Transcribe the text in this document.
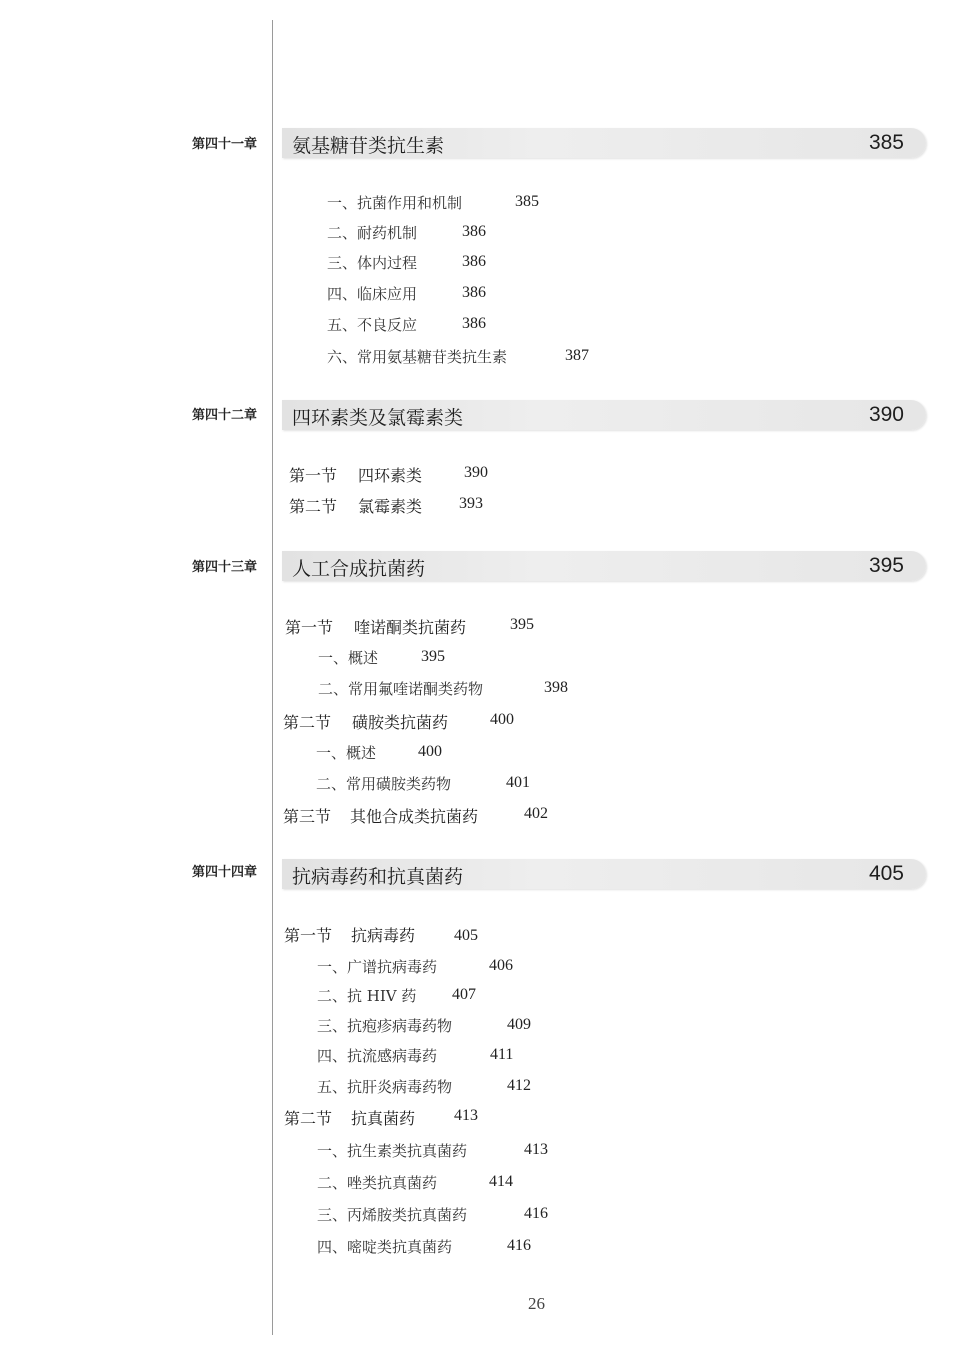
第四十一章	氨基糖苷类抗生素	385
一、抗菌作用和机制	385
二、耐药机制	386
三、体内过程	386
四、临床应用	386
五、不良反应	386
六、常用氨基糖苷类抗生素	387
第四十二章	四环素类及氯霉素类	390
第一节 四环素类	390
第二节 氯霉素类 393
第四十三章	人工合成抗菌药	395
第一节 喹诺酮类抗菌药	395
一、概述	395
二、常用氟喹诺酮类药物	398
第二节 磺胺类抗菌药	400
一、概述	400
二、常用磺胺类药物	401
第三节 其他合成类抗菌药	402
第四十四章	抗病毒药和抗真菌药	405
第一节 抗病毒药 405
一、广谱抗病毒药	406
二、抗 HIV 药 407
三、抗疱疹病毒药物	409
四、抗流感病毒药	411
五、抗肝炎病毒药物	412
第二节 抗真菌药 413
一、抗生素类抗真菌药	413
二、唑类抗真菌药	414
三、丙烯胺类抗真菌药	416
四、嘧啶类抗真菌药	416
26
